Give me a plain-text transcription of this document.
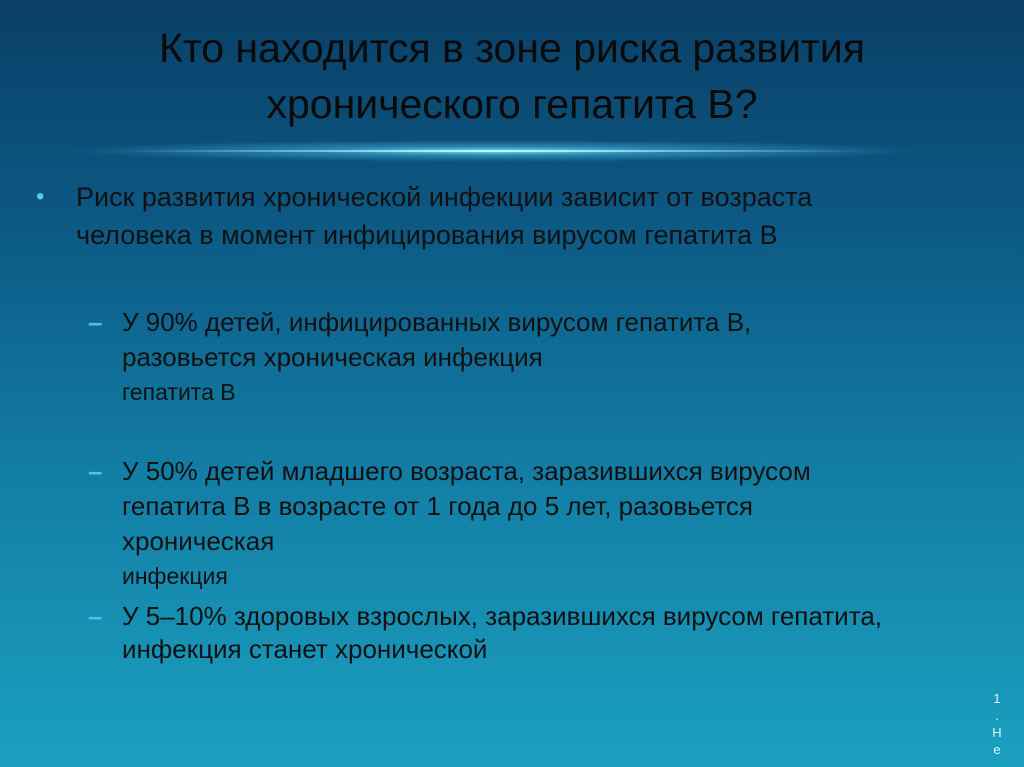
Кто находится в зоне риска развития
хронического гепатита В?
• Риск развития хронической инфекции зависит от возраста
человека в момент инфицирования вирусом гепатита В
– У 90% детей, инфицированных вирусом гепатита В,
разовьется хроническая инфекция
гепатита В
– У 50% детей младшего возраста, заразившихся вирусом
гепатита В в возрасте от 1 года до 5 лет, разовьется
хроническая
инфекция
– У 5–10% здоровых взрослых, заразившихся вирусом гепатита,
инфекция станет хронической
1
.
Н
е
